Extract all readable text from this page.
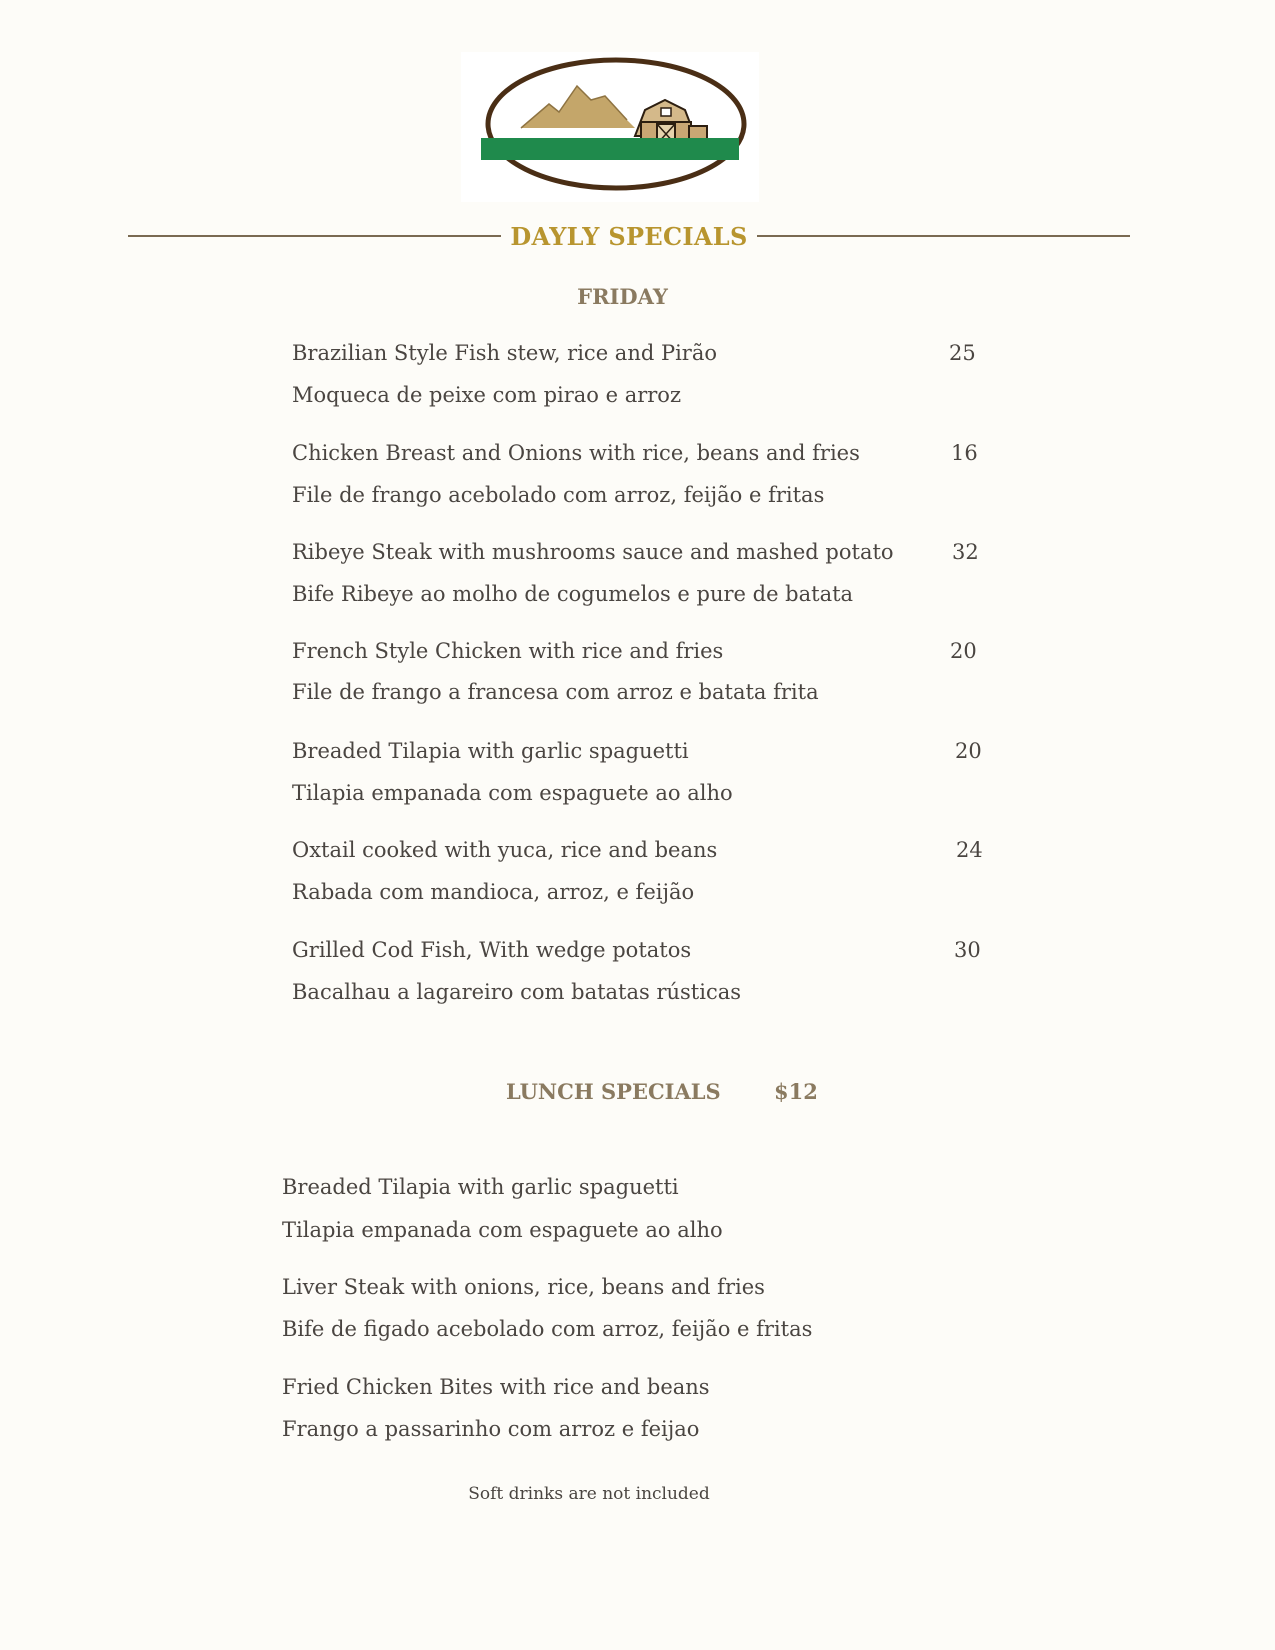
DAYLY SPECIALS
FRIDAY
Brazilian Style Fish stew, rice and Pirão	25
Moqueca de peixe com pirao e arroz
Chicken Breast and Onions with rice, beans and fries	16
File de frango acebolado com arroz, feijão e fritas
Ribeye Steak with mushrooms sauce and mashed potato	32
Bife Ribeye ao molho de cogumelos e pure de batata
French Style Chicken with rice and fries	20
File de frango a francesa com arroz e batata frita
Breaded Tilapia with garlic spaguetti	20
Tilapia empanada com espaguete ao alho
Oxtail cooked with yuca, rice and beans	24
Rabada com mandioca, arroz, e feijão
Grilled Cod Fish, With wedge potatos	30
Bacalhau a lagareiro com batatas rústicas
LUNCH SPECIALS	$12
Breaded Tilapia with garlic spaguetti
Tilapia empanada com espaguete ao alho
Liver Steak with onions, rice, beans and fries
Bife de figado acebolado com arroz, feijão e fritas
Fried Chicken Bites with rice and beans
Frango a passarinho com arroz e feijao
Soft drinks are not included
